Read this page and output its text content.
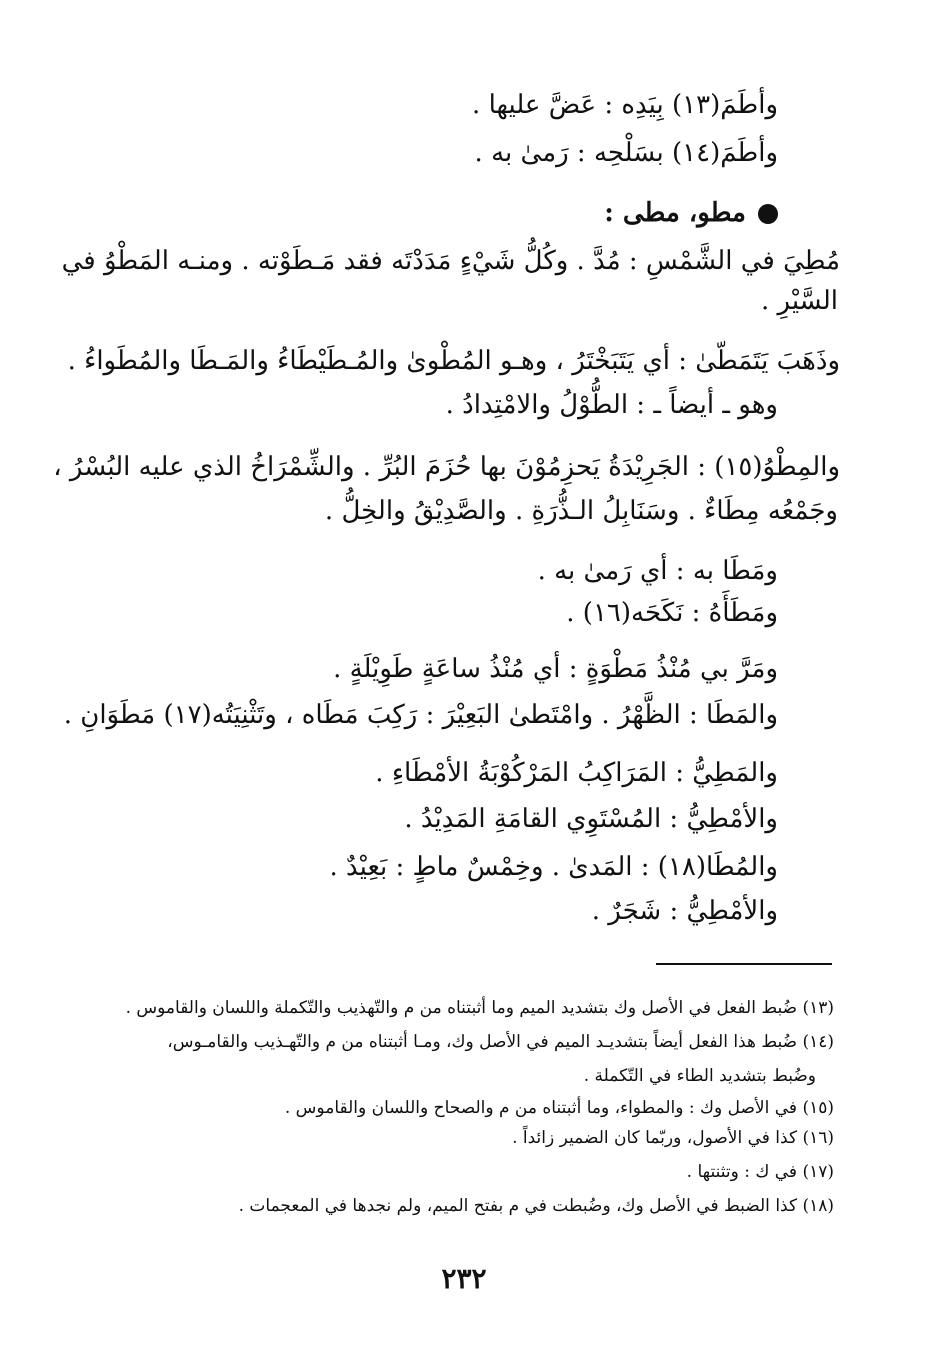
وأطَمَ(١٣) بِيَدِه : عَضَّ عليها .
وأطَمَ(١٤) بسَلْحِه : رَمىٰ به .
مطو، مطى :
مُطِيَ في الشَّمْسِ : مُدَّ . وكُلُّ شَيْءٍ مَدَدْتَه فقد مَـطَوْته . ومنـه المَطْوُ في
السَّيْرِ .
وذَهَبَ يَتَمَطّىٰ : أي يَتَبَخْتَرُ ، وهـو المُطْوىٰ والمُـطَيْطَاءُ والمَـطَا والمُطَواءُ .
وهو ـ أيضاً ـ : الطُّوْلُ والامْتِدادُ .
والمِطْوُ(١٥) : الجَرِيْدَةُ يَحزِمُوْنَ بها حُزَمَ البُرِّ . والشِّمْرَاخُ الذي عليه البُسْرُ ،
وجَمْعُه مِطَاءٌ . وسَنَابِلُ الـذُّرَةِ . والصَّدِيْقُ والخِلُّ .
ومَطَا به : أي رَمىٰ به .
ومَطَأَهُ : نَكَحَه(١٦) .
ومَرَّ بي مُنْذُ مَطْوَةٍ : أي مُنْذُ ساعَةٍ طَوِيْلَةٍ .
والمَطَا : الظَّهْرُ . وامْتَطىٰ البَعِيْرَ : رَكِبَ مَطَاه ، وتَثْنِيَتُه(١٧) مَطَوَانِ .
والمَطِيُّ : المَرَاكِبُ المَرْكُوْبَةُ الأمْطَاءِ .
والأمْطِيُّ : المُسْتَوِي القامَةِ المَدِيْدُ .
والمُطَا(١٨) : المَدىٰ . وخِمْسٌ ماطٍ : بَعِيْدٌ .
والأمْطِيُّ : شَجَرٌ .
(١٣) ضُبط الفعل في الأصل وك بتشديد الميم وما أثبتناه من م والتّهذيب والتّكملة واللسان والقاموس .
(١٤) ضُبط هذا الفعل أيضاً بتشديـد الميم في الأصل وك، ومـا أثبتناه من م والتّهـذيب والقامـوس،
وضُبط بتشديد الطاء في التّكملة .
(١٥) في الأصل وك : والمطواء، وما أثبتناه من م والصحاح واللسان والقاموس .
(١٦) كذا في الأصول، وربّما كان الضمير زائداً .
(١٧) في ك : وتثنتها .
(١٨) كذا الضبط في الأصل وك، وضُبطت في م بفتح الميم، ولم نجدها في المعجمات .
٢٣٢
